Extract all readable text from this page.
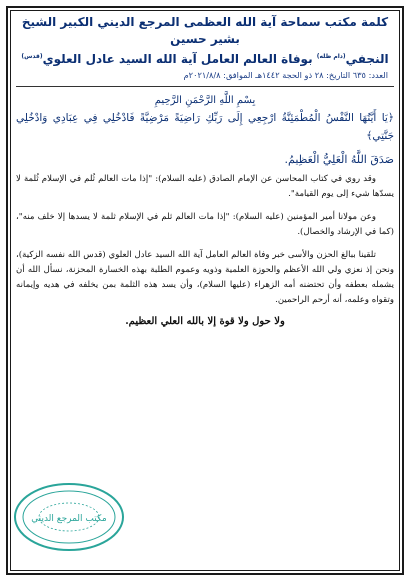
كلمة مكتب سماحة آية الله العظمى المرجع الديني الكبير الشيخ بشير حسين
النجفي$^{(دام ظله)}$ بوفاة العالم العامل آية الله السيد عادل العلوي$^{(قدس)}$
العدد: ٦٣٥ التاريخ: ٢٨ ذو الحجة ١٤٤٢هـ الموافق: ٢٠٢١/٨/٨م
بِسْمِ اللَّهِ الرَّحْمَنِ الرَّحِيمِ
﴿يَا أَيَّتُهَا النَّفْسُ الْمُطْمَئِنَّةُ ارْجِعِي إِلَى رَبِّكِ رَاضِيَةً مَرْضِيَّةً فَادْخُلِي فِي عِبَادِي وَادْخُلِي جَنَّتِي﴾
صَدَقَ اللَّهُ الْعَلِيُّ الْعَظِيمُ.

وقد روي في كتاب المحاسن عن الإمام الصادق (عليه السلام): "إذا مات العالم ثُلم في الإسلام ثُلمة لا يسدّها شيء إلى يوم القيامة".

وعن مولانا أمير المؤمنين (عليه السلام): "إذا مات العالم ثلم في الإسلام ثلمة لا يسدها إلا خلف منه"، (كما في الإرشاد والخصال).

تلقينا ببالغ الحزن والأسى خبر وفاة العالم العامل آية الله السيد عادل العلوي (قدس الله نفسه الزكية)، ونحن إذ نعزي ولي الله الأعظم والحوزة العلمية وذويه وعموم الطلبة بهذه الخسارة المحزنة، نسأل الله أن يشمله بعطفه وأن تحتضنه أمه الزهراء (عليها السلام)، وأن يسد هذه الثلمة بمن يخلفه في هديه وإيمانه وتقواه وعلمه، أنه أرحم الراحمين.

ولا حول ولا قوة إلا بالله العلي العظيم.
مكتب المرجع الديني
